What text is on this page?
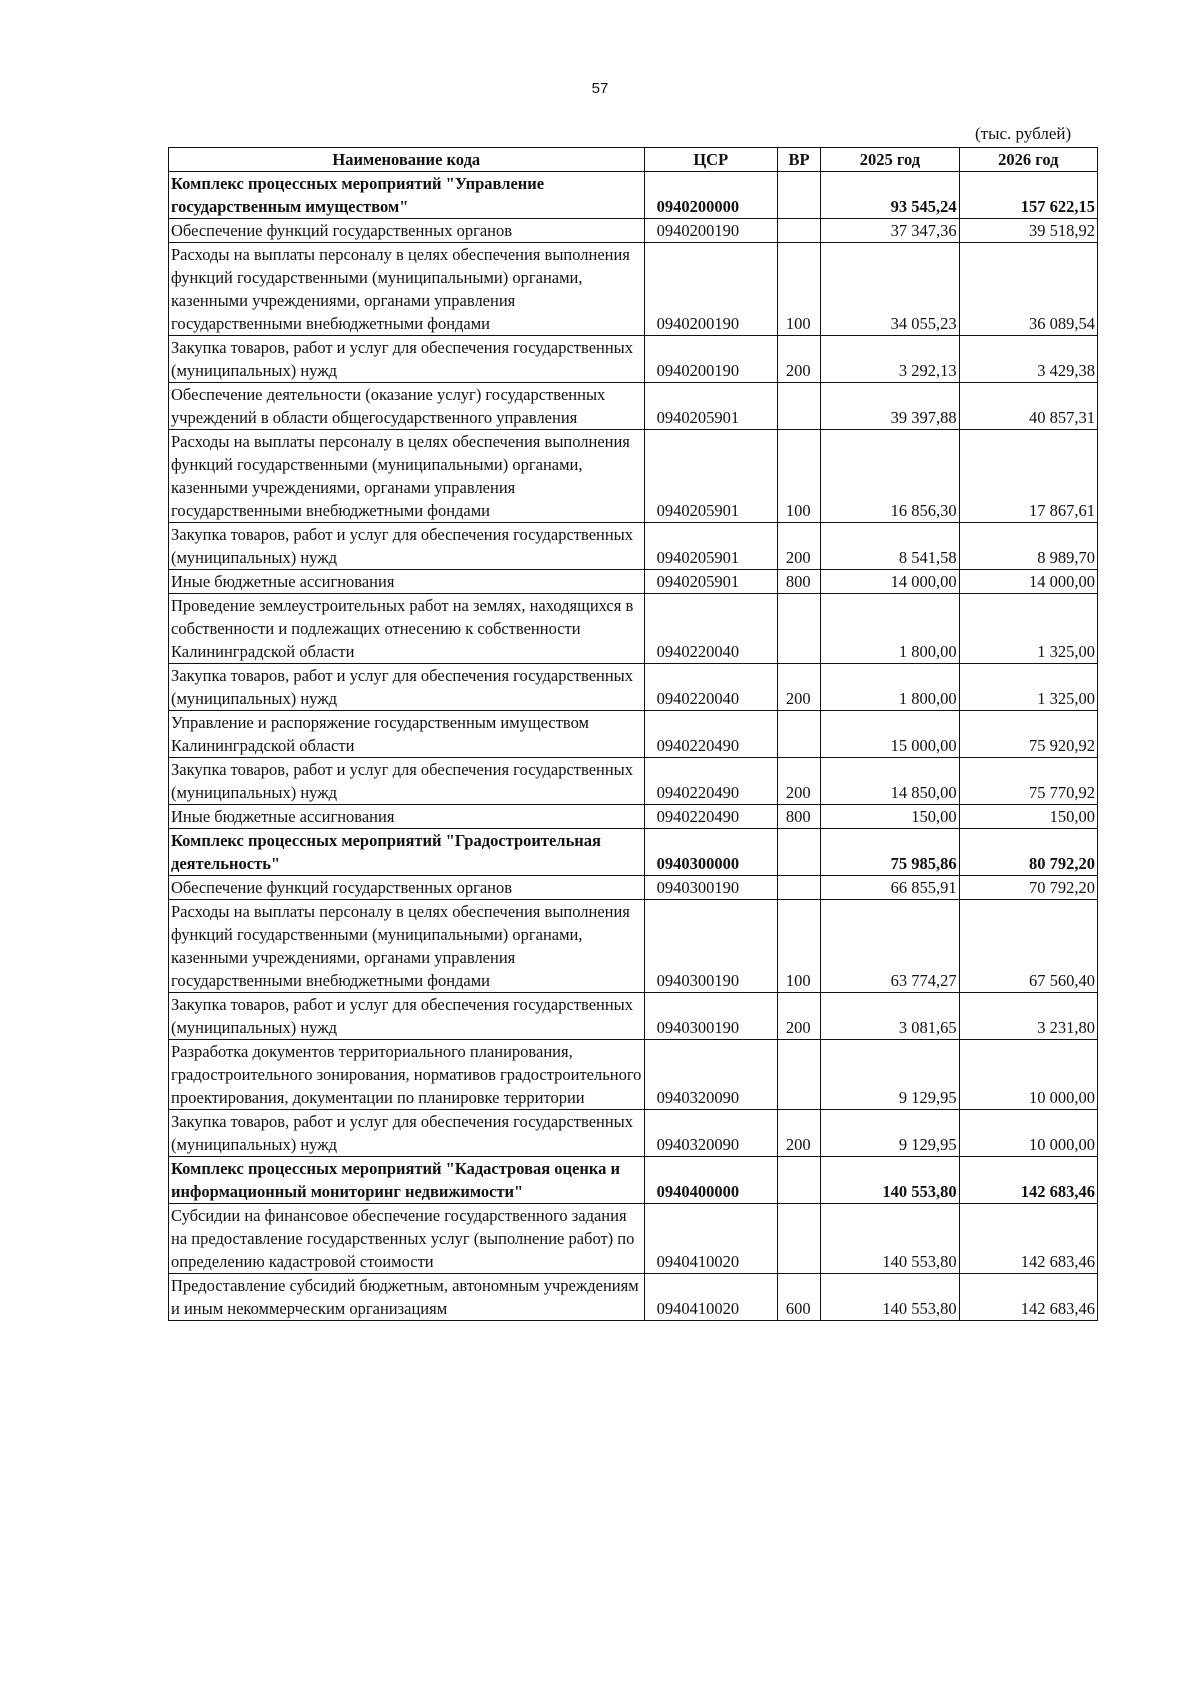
57
(тыс. рублей)
Наименование кода	ЦСР	ВР	2025 год	2026 год
Комплекс процессных мероприятий "Управление государственным имуществом"	0940200000		93 545,24	157 622,15
Обеспечение функций государственных органов	0940200190		37 347,36	39 518,92
Расходы на выплаты персоналу в целях обеспечения выполнения функций государственными (муниципальными) органами, казенными учреждениями, органами управления государственными внебюджетными фондами	0940200190	100	34 055,23	36 089,54
Закупка товаров, работ и услуг для обеспечения государственных (муниципальных) нужд	0940200190	200	3 292,13	3 429,38
Обеспечение деятельности (оказание услуг) государственных учреждений в области общегосударственного управления	0940205901		39 397,88	40 857,31
Расходы на выплаты персоналу в целях обеспечения выполнения функций государственными (муниципальными) органами, казенными учреждениями, органами управления государственными внебюджетными фондами	0940205901	100	16 856,30	17 867,61
Закупка товаров, работ и услуг для обеспечения государственных (муниципальных) нужд	0940205901	200	8 541,58	8 989,70
Иные бюджетные ассигнования	0940205901	800	14 000,00	14 000,00
Проведение землеустроительных работ на землях, находящихся в собственности и подлежащих отнесению к собственности Калининградской области	0940220040		1 800,00	1 325,00
Закупка товаров, работ и услуг для обеспечения государственных (муниципальных) нужд	0940220040	200	1 800,00	1 325,00
Управление и распоряжение государственным имуществом Калининградской области	0940220490		15 000,00	75 920,92
Закупка товаров, работ и услуг для обеспечения государственных (муниципальных) нужд	0940220490	200	14 850,00	75 770,92
Иные бюджетные ассигнования	0940220490	800	150,00	150,00
Комплекс процессных мероприятий "Градостроительная деятельность"	0940300000		75 985,86	80 792,20
Обеспечение функций государственных органов	0940300190		66 855,91	70 792,20
Расходы на выплаты персоналу в целях обеспечения выполнения функций государственными (муниципальными) органами, казенными учреждениями, органами управления государственными внебюджетными фондами	0940300190	100	63 774,27	67 560,40
Закупка товаров, работ и услуг для обеспечения государственных (муниципальных) нужд	0940300190	200	3 081,65	3 231,80
Разработка документов территориального планирования, градостроительного зонирования, нормативов градостроительного проектирования, документации по планировке территории	0940320090		9 129,95	10 000,00
Закупка товаров, работ и услуг для обеспечения государственных (муниципальных) нужд	0940320090	200	9 129,95	10 000,00
Комплекс процессных мероприятий "Кадастровая оценка и информационный мониторинг недвижимости"	0940400000		140 553,80	142 683,46
Субсидии на финансовое обеспечение государственного задания на предоставление государственных услуг (выполнение работ) по определению кадастровой стоимости	0940410020		140 553,80	142 683,46
Предоставление субсидий бюджетным, автономным учреждениям и иным некоммерческим организациям	0940410020	600	140 553,80	142 683,46
